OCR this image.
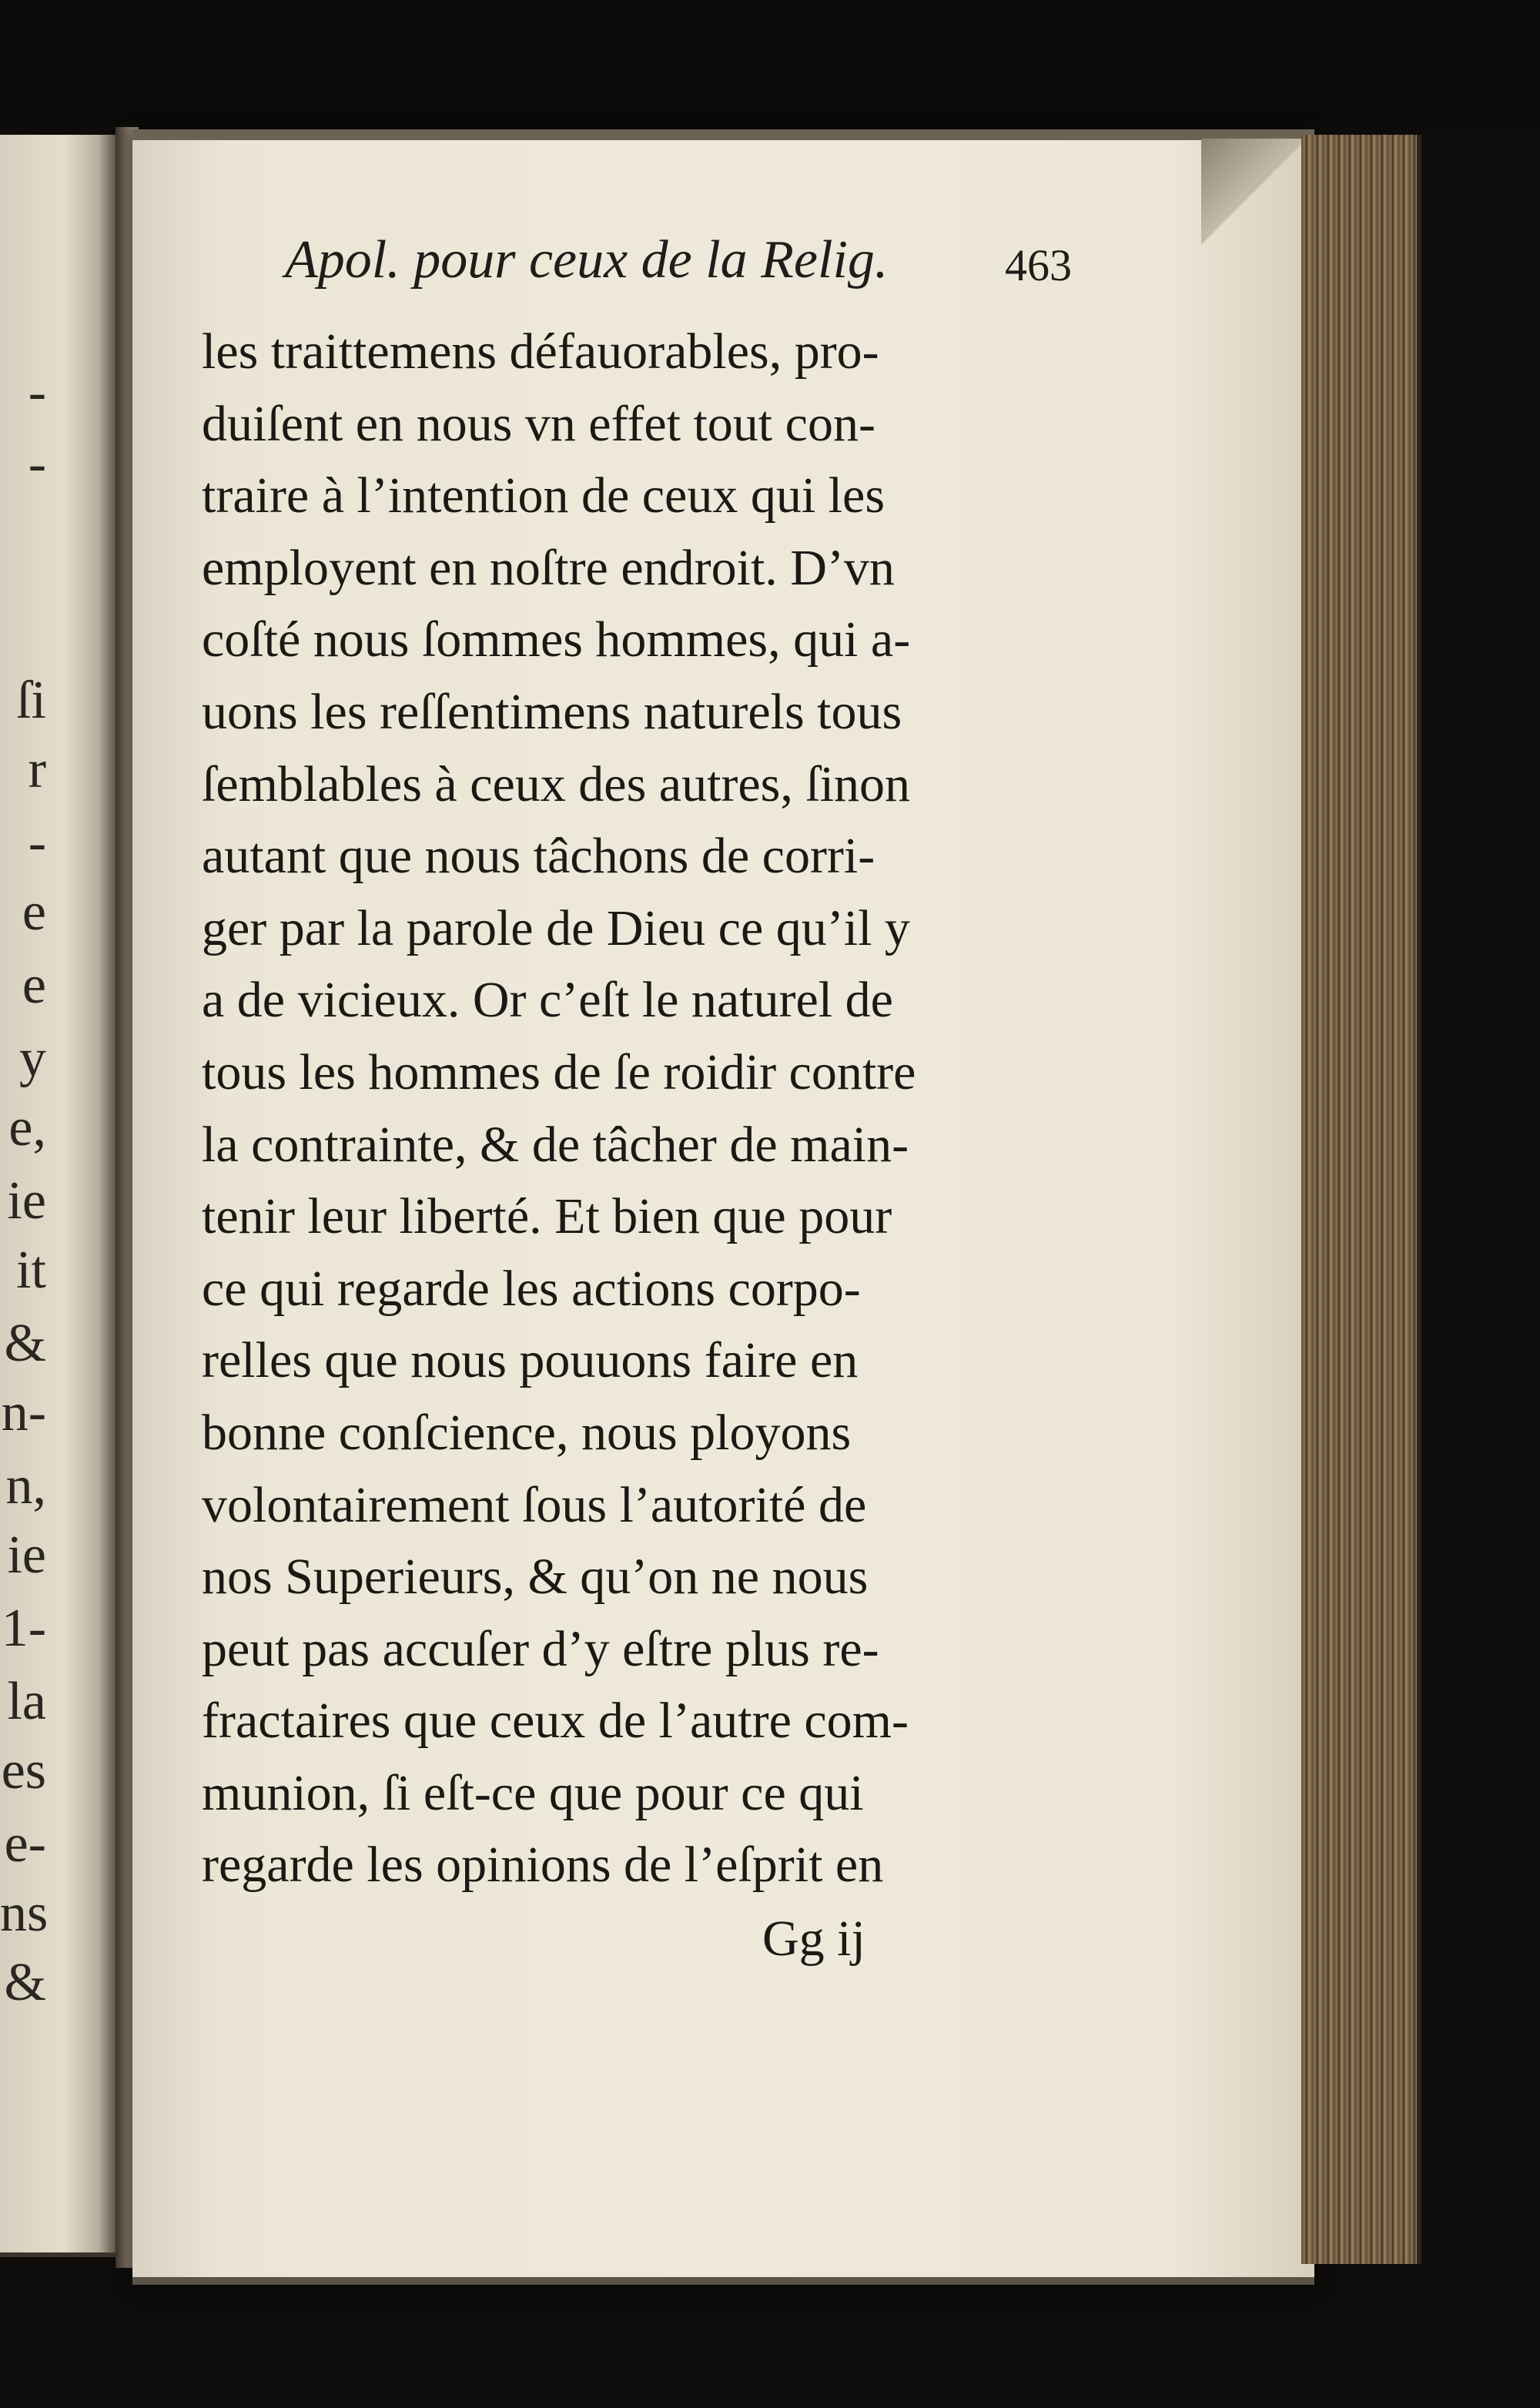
-
-
ſi
r
-
e
e
y
e,
ie
it
&
n-
n,
ie
1-
la
es
e-
ns
&
Apol. pour ceux de la Relig.	463
les traittemens défauorables, pro-
duiſent en nous vn effet tout con-
traire à l’intention de ceux qui les
employent en noſtre endroit. D’vn
coſté nous ſommes hommes, qui a-
uons les reſſentimens naturels tous
ſemblables à ceux des autres, ſinon
autant que nous tâchons de corri-
ger par la parole de Dieu ce qu’il y
a de vicieux. Or c’eſt le naturel de
tous les hommes de ſe roidir contre
la contrainte, & de tâcher de main-
tenir leur liberté. Et bien que pour
ce qui regarde les actions corpo-
relles que nous pouuons faire en
bonne conſcience, nous ployons
volontairement ſous l’autorité de
nos Superieurs, & qu’on ne nous
peut pas accuſer d’y eſtre plus re-
fractaires que ceux de l’autre com-
munion, ſi eſt-ce que pour ce qui
regarde les opinions de l’eſprit en
Gg ij
